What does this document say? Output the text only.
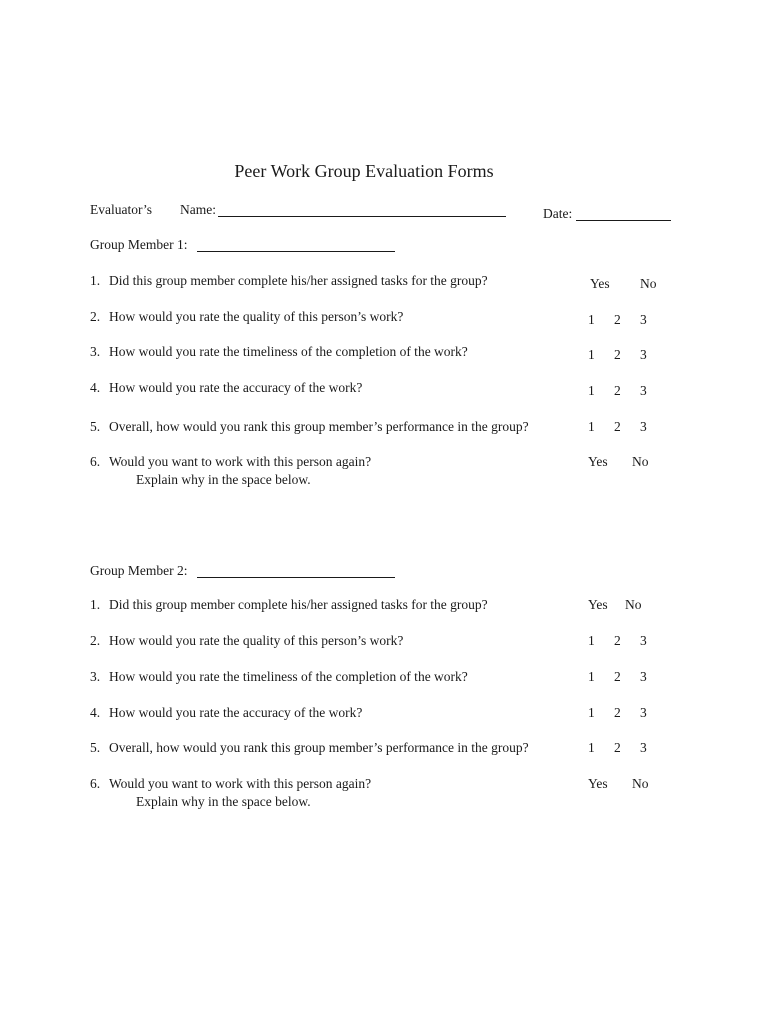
Peer Work Group Evaluation Forms
Evaluator’s Name:	Date:
Group Member 1:
1. Did this group member complete his/her assigned tasks for the group?	Yes No
2. How would you rate the quality of this person’s work?	1 2 3
3. How would you rate the timeliness of the completion of the work?	1 2 3
4. How would you rate the accuracy of the work?	1 2 3
5. Overall, how would you rank this group member’s performance in the group?	1 2 3
6. Would you want to work with this person again?	Yes No
Explain why in the space below.
Group Member 2:
1. Did this group member complete his/her assigned tasks for the group?	Yes No
2. How would you rate the quality of this person’s work?	1 2 3
3. How would you rate the timeliness of the completion of the work?	1 2 3
4. How would you rate the accuracy of the work?	1 2 3
5. Overall, how would you rank this group member’s performance in the group?	1 2 3
6. Would you want to work with this person again?	Yes No
Explain why in the space below.
